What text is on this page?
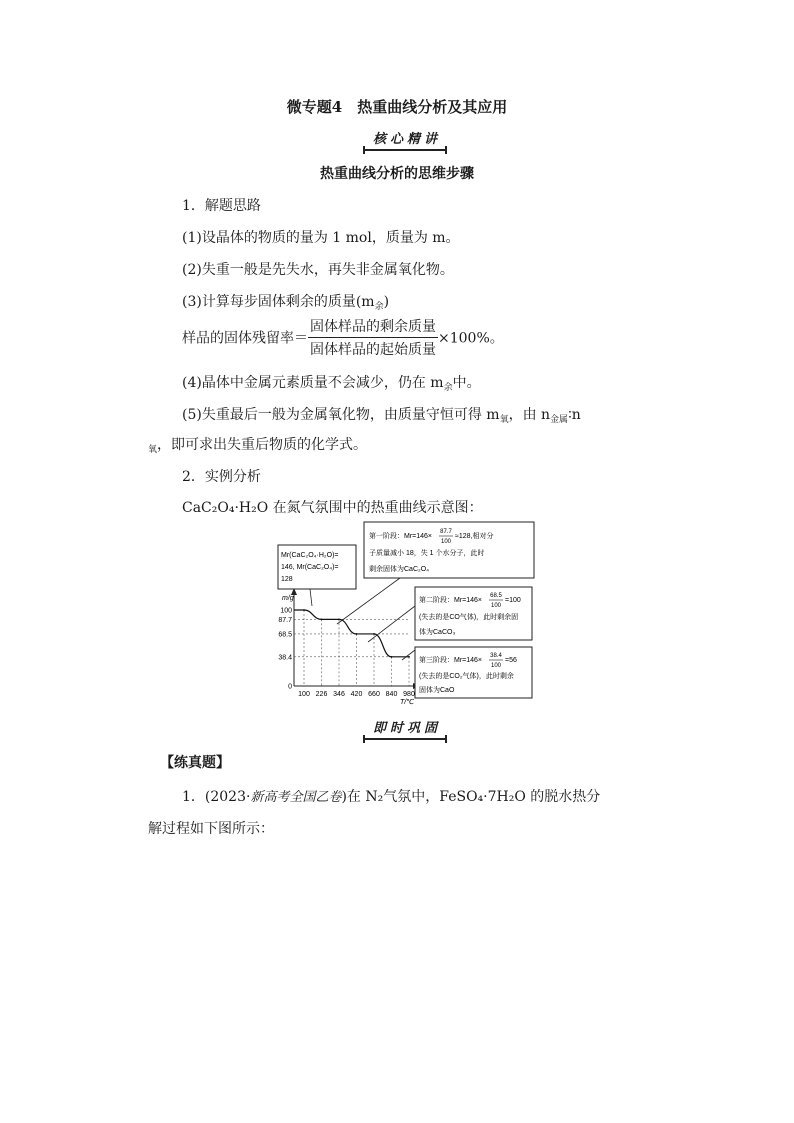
微专题4　热重曲线分析及其应用
核心精讲
热重曲线分析的思维步骤
1．解题思路
(1)设晶体的物质的量为 1 mol，质量为 m。
(2)失重一般是先失水，再失非金属氧化物。
(3)计算每步固体剩余的质量$(m_余)$
样品的固体残留率＝ $\frac{\text{固体样品的剩余质量}}{\text{固体样品的起始质量}} \times 100\%$。
(4)晶体中金属元素质量不会减少，仍在 $m_余$中。
(5)失重最后一般为金属氧化物，由质量守恒可得 $m_氧$，由 $n_{金属}∶n$
$_氧$，即可求出失重后物质的化学式。
2．实例分析
CaC₂O₄·H₂O 在氮气氛围中的热重曲线示意图：
m/g
T/℃
0
38.4
68.5
87.7
100
100 226 346 420 660 840 980
Mr(CaC₂O₄·H₂O)=
146, Mr(CaC₂O₄)=
128
第一阶段：Mr=146×
87.7
100
≈128,相对分
子质量减小 18，失 1 个水分子，此时
剩余固体为CaC₂O₄
第二阶段：Mr=146×
68.5
100
=100
(失去的是CO气体)，此时剩余固
体为CaCO₃
第三阶段：Mr=146×
38.4
100
=56
(失去的是CO₂气体)，此时剩余
固体为CaO
即时巩固
【练真题】
1．(2023·新高考全国乙卷)在 N₂气氛中，FeSO₄·7H₂O 的脱水热分
解过程如下图所示：
